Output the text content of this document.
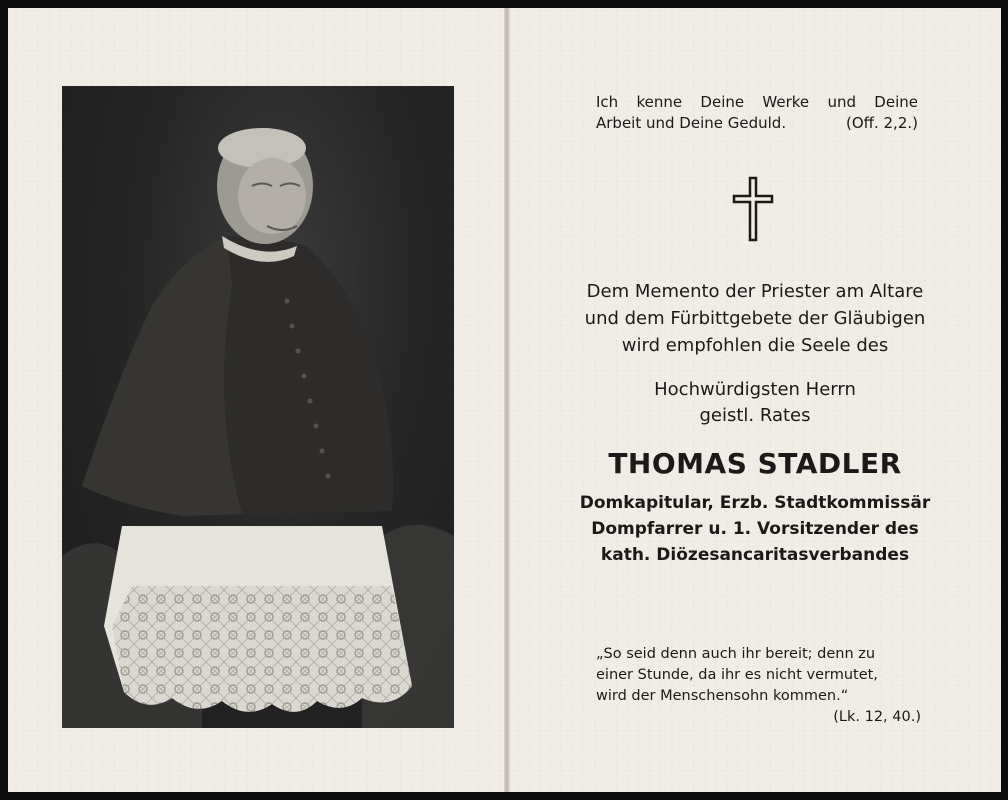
Ich kenne Deine Werke und Deine
Arbeit und Deine Geduld.	(Off. 2,2.)
Dem Memento der Priester am Altare
und dem Fürbittgebete der Gläubigen
wird empfohlen die Seele des
Hochwürdigsten Herrn
geistl. Rates
THOMAS STADLER
Domkapitular, Erzb. Stadtkommissär
Dompfarrer u. 1. Vorsitzender des
kath. Diözesancaritasverbandes
„So seid denn auch ihr bereit; denn zu
einer Stunde, da ihr es nicht vermutet,
wird der Menschensohn kommen.“
(Lk. 12, 40.)
